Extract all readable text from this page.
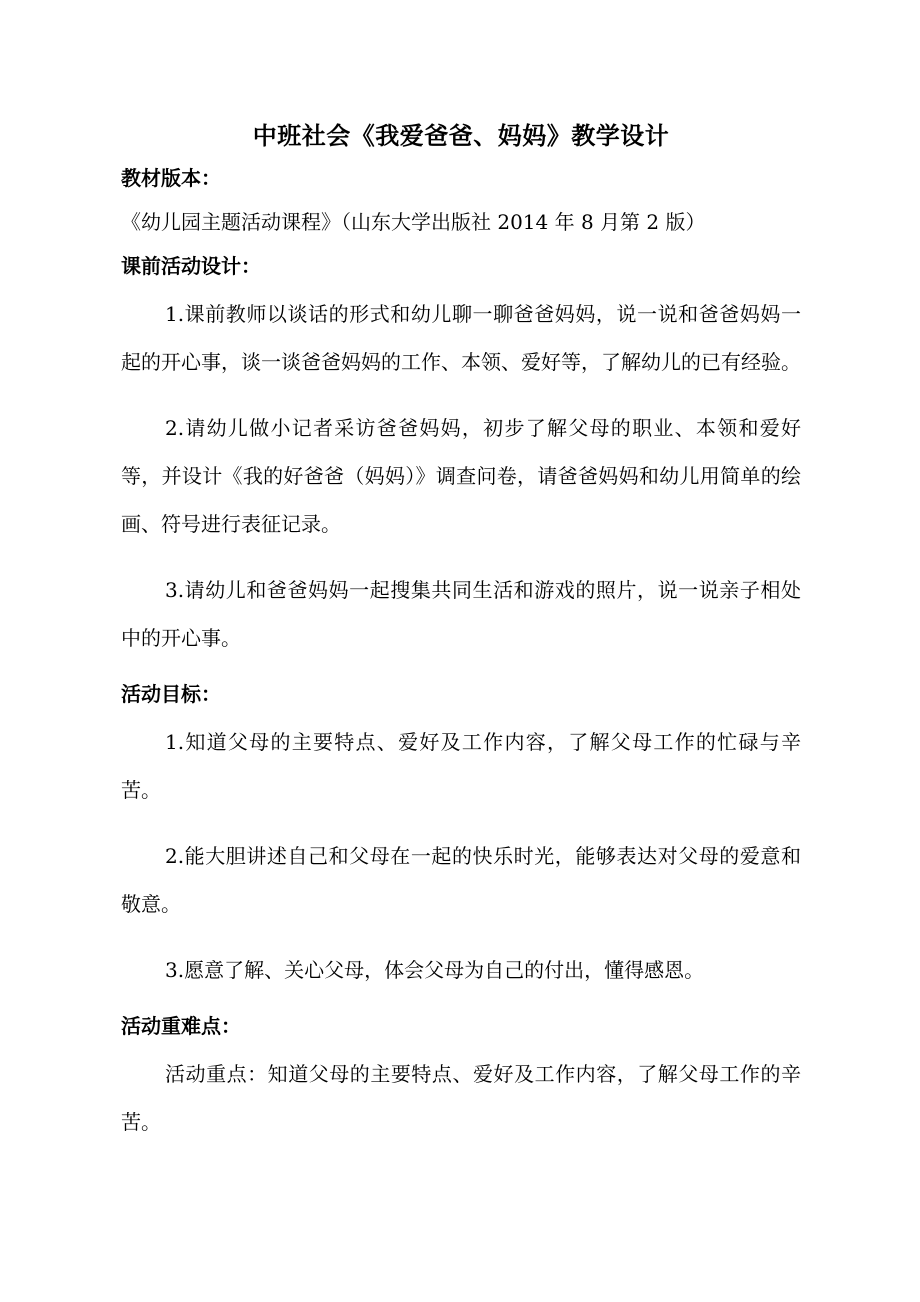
中班社会《我爱爸爸、妈妈》教学设计
教材版本：

《幼儿园主题活动课程》（山东大学出版社 2014 年 8 月第 2 版）

课前活动设计：

1.课前教师以谈话的形式和幼儿聊一聊爸爸妈妈，说一说和爸爸妈妈一起的开心事，谈一谈爸爸妈妈的工作、本领、爱好等，了解幼儿的已有经验。

2.请幼儿做小记者采访爸爸妈妈，初步了解父母的职业、本领和爱好等，并设计《我的好爸爸（妈妈）》调查问卷，请爸爸妈妈和幼儿用简单的绘画、符号进行表征记录。

3.请幼儿和爸爸妈妈一起搜集共同生活和游戏的照片，说一说亲子相处中的开心事。

活动目标：

1.知道父母的主要特点、爱好及工作内容，了解父母工作的忙碌与辛苦。

2.能大胆讲述自己和父母在一起的快乐时光，能够表达对父母的爱意和敬意。

3.愿意了解、关心父母，体会父母为自己的付出，懂得感恩。

活动重难点：

活动重点：知道父母的主要特点、爱好及工作内容，了解父母工作的辛苦。
